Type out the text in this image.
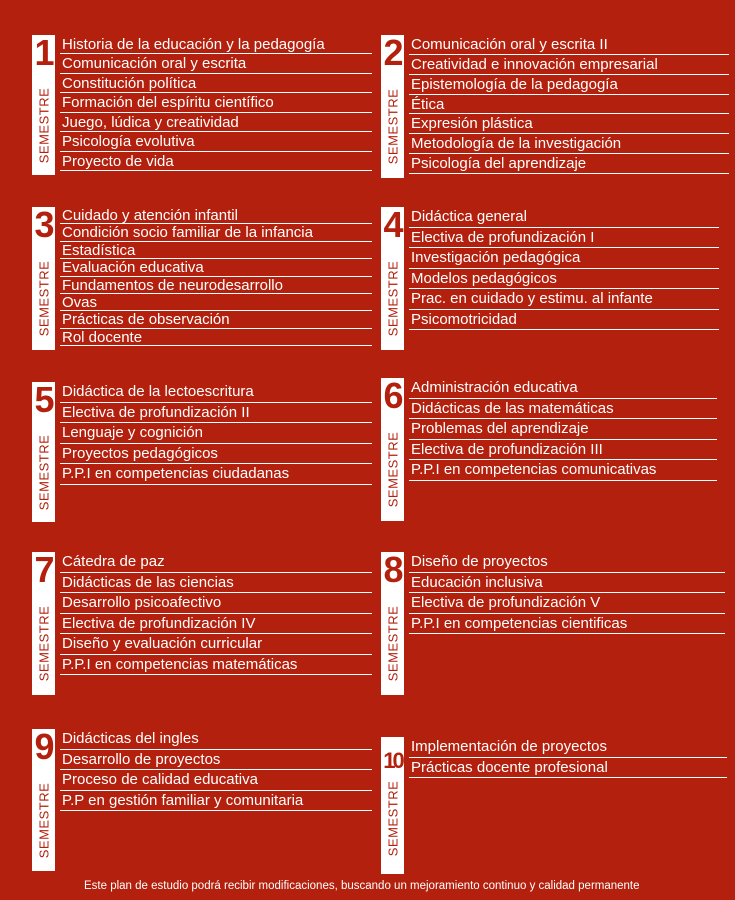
1
SEMESTRE
Historia de la educación y la pedagogía
Comunicación oral y escrita
Constitución política
Formación del espíritu científico
Juego, lúdica y creatividad
Psicología evolutiva
Proyecto de vida
2
SEMESTRE
Comunicación oral y escrita II
Creatividad e innovación empresarial
Epistemología de la pedagogía
Ética
Expresión plástica
Metodología de la investigación
Psicología del aprendizaje
3
SEMESTRE
Cuidado y atención infantil
Condición socio familiar de la infancia
Estadística
Evaluación educativa
Fundamentos de neurodesarrollo
Ovas
Prácticas de observación
Rol docente
4
SEMESTRE
Didáctica general
Electiva de profundización I
Investigación pedagógica
Modelos pedagógicos
Prac. en cuidado y estimu. al infante
Psicomotricidad
5
SEMESTRE
Didáctica de la lectoescritura
Electiva de profundización II
Lenguaje y cognición
Proyectos pedagógicos
P.P.I en competencias ciudadanas
6
SEMESTRE
Administración educativa
Didácticas de las matemáticas
Problemas del aprendizaje
Electiva de profundización III
P.P.I en competencias comunicativas
7
SEMESTRE
Cátedra de paz
Didácticas de las ciencias
Desarrollo psicoafectivo
Electiva de profundización IV
Diseño y evaluación curricular
P.P.I en competencias matemáticas
8
SEMESTRE
Diseño de proyectos
Educación inclusiva
Electiva de profundización V
P.P.I en competencias cientificas
9
SEMESTRE
Didácticas del ingles
Desarrollo de proyectos
Proceso de calidad educativa
P.P en gestión familiar y comunitaria
10
SEMESTRE
Implementación de proyectos
Prácticas docente profesional
Este plan de estudio podrá recibir modificaciones, buscando un mejoramiento continuo y calidad permanente
